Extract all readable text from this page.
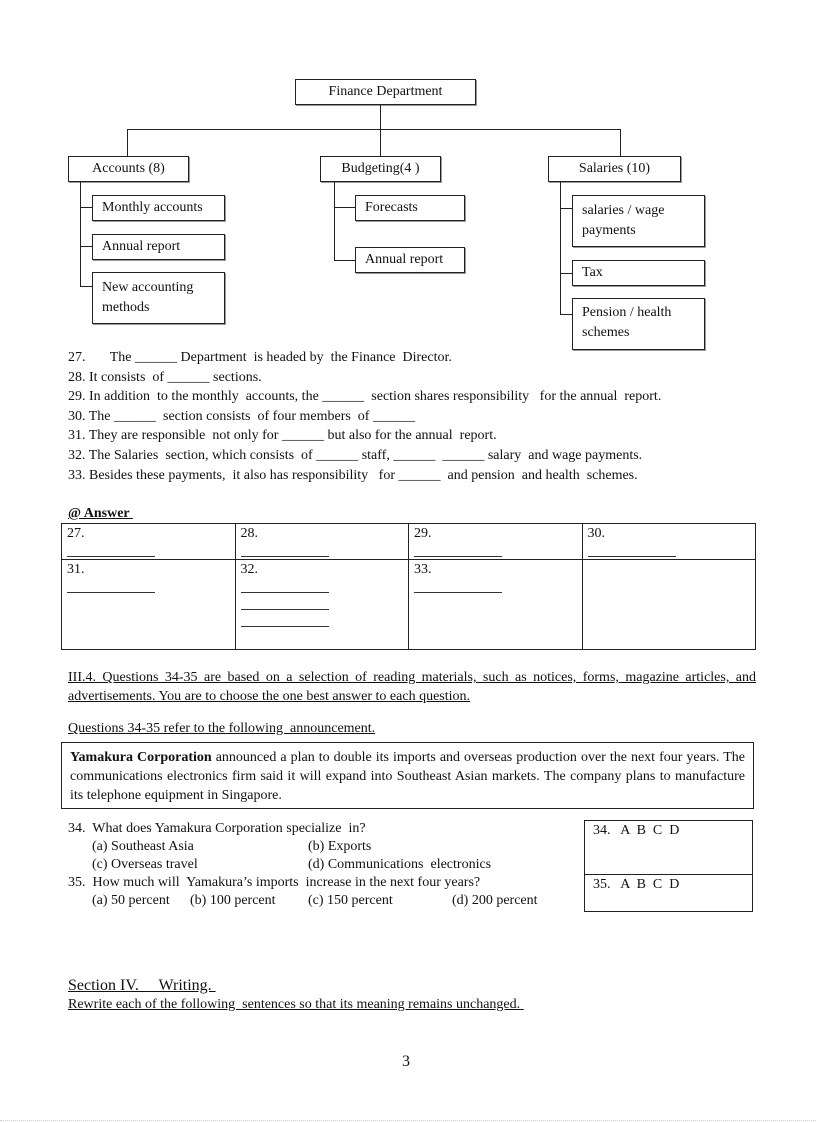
Finance Department
Accounts (8)
Monthly accounts
Annual report
New accounting methods
Budgeting(4 )
Forecasts
Annual report
Salaries (10)
salaries / wage payments
Tax
Pension / health schemes
27.       The ______ Department  is headed by  the Finance  Director.
28. It consists  of ______ sections.
29. In addition  to the monthly  accounts, the ______  section shares responsibility   for the annual  report.
30. The ______  section consists  of four members  of ______
31. They are responsible  not only for ______ but also for the annual  report.
32. The Salaries  section, which consists  of ______ staff, ______  ______ salary  and wage payments.
33. Besides these payments,  it also has responsibility   for ______  and pension  and health  schemes.
@ Answer
27.	28.	29.	30.

31.	32.	33.

III.4. Questions 34-35 are based on a selection of reading materials, such as notices, forms, magazine articles, and advertisements. You are to choose the one best answer to each question.
Questions 34-35 refer to the following  announcement.
Yamakura Corporation announced a plan to double its imports and overseas production over the next four years. The communications electronics firm said it will expand into Southeast Asian markets. The company plans to manufacture its telephone equipment in Singapore.
34.  What does Yamakura Corporation specialize  in?
(a) Southeast Asia	(b) Exports
(c) Overseas travel	(d) Communications  electronics
35.  How much will  Yamakura’s imports  increase in the next four years?
(a) 50 percent (b) 100 percent (c) 150 percent	(d) 200 percent
34.   A  B  C  D
35.   A  B  C  D
Section IV.     Writing.
Rewrite each of the following  sentences so that its meaning remains unchanged.
3
